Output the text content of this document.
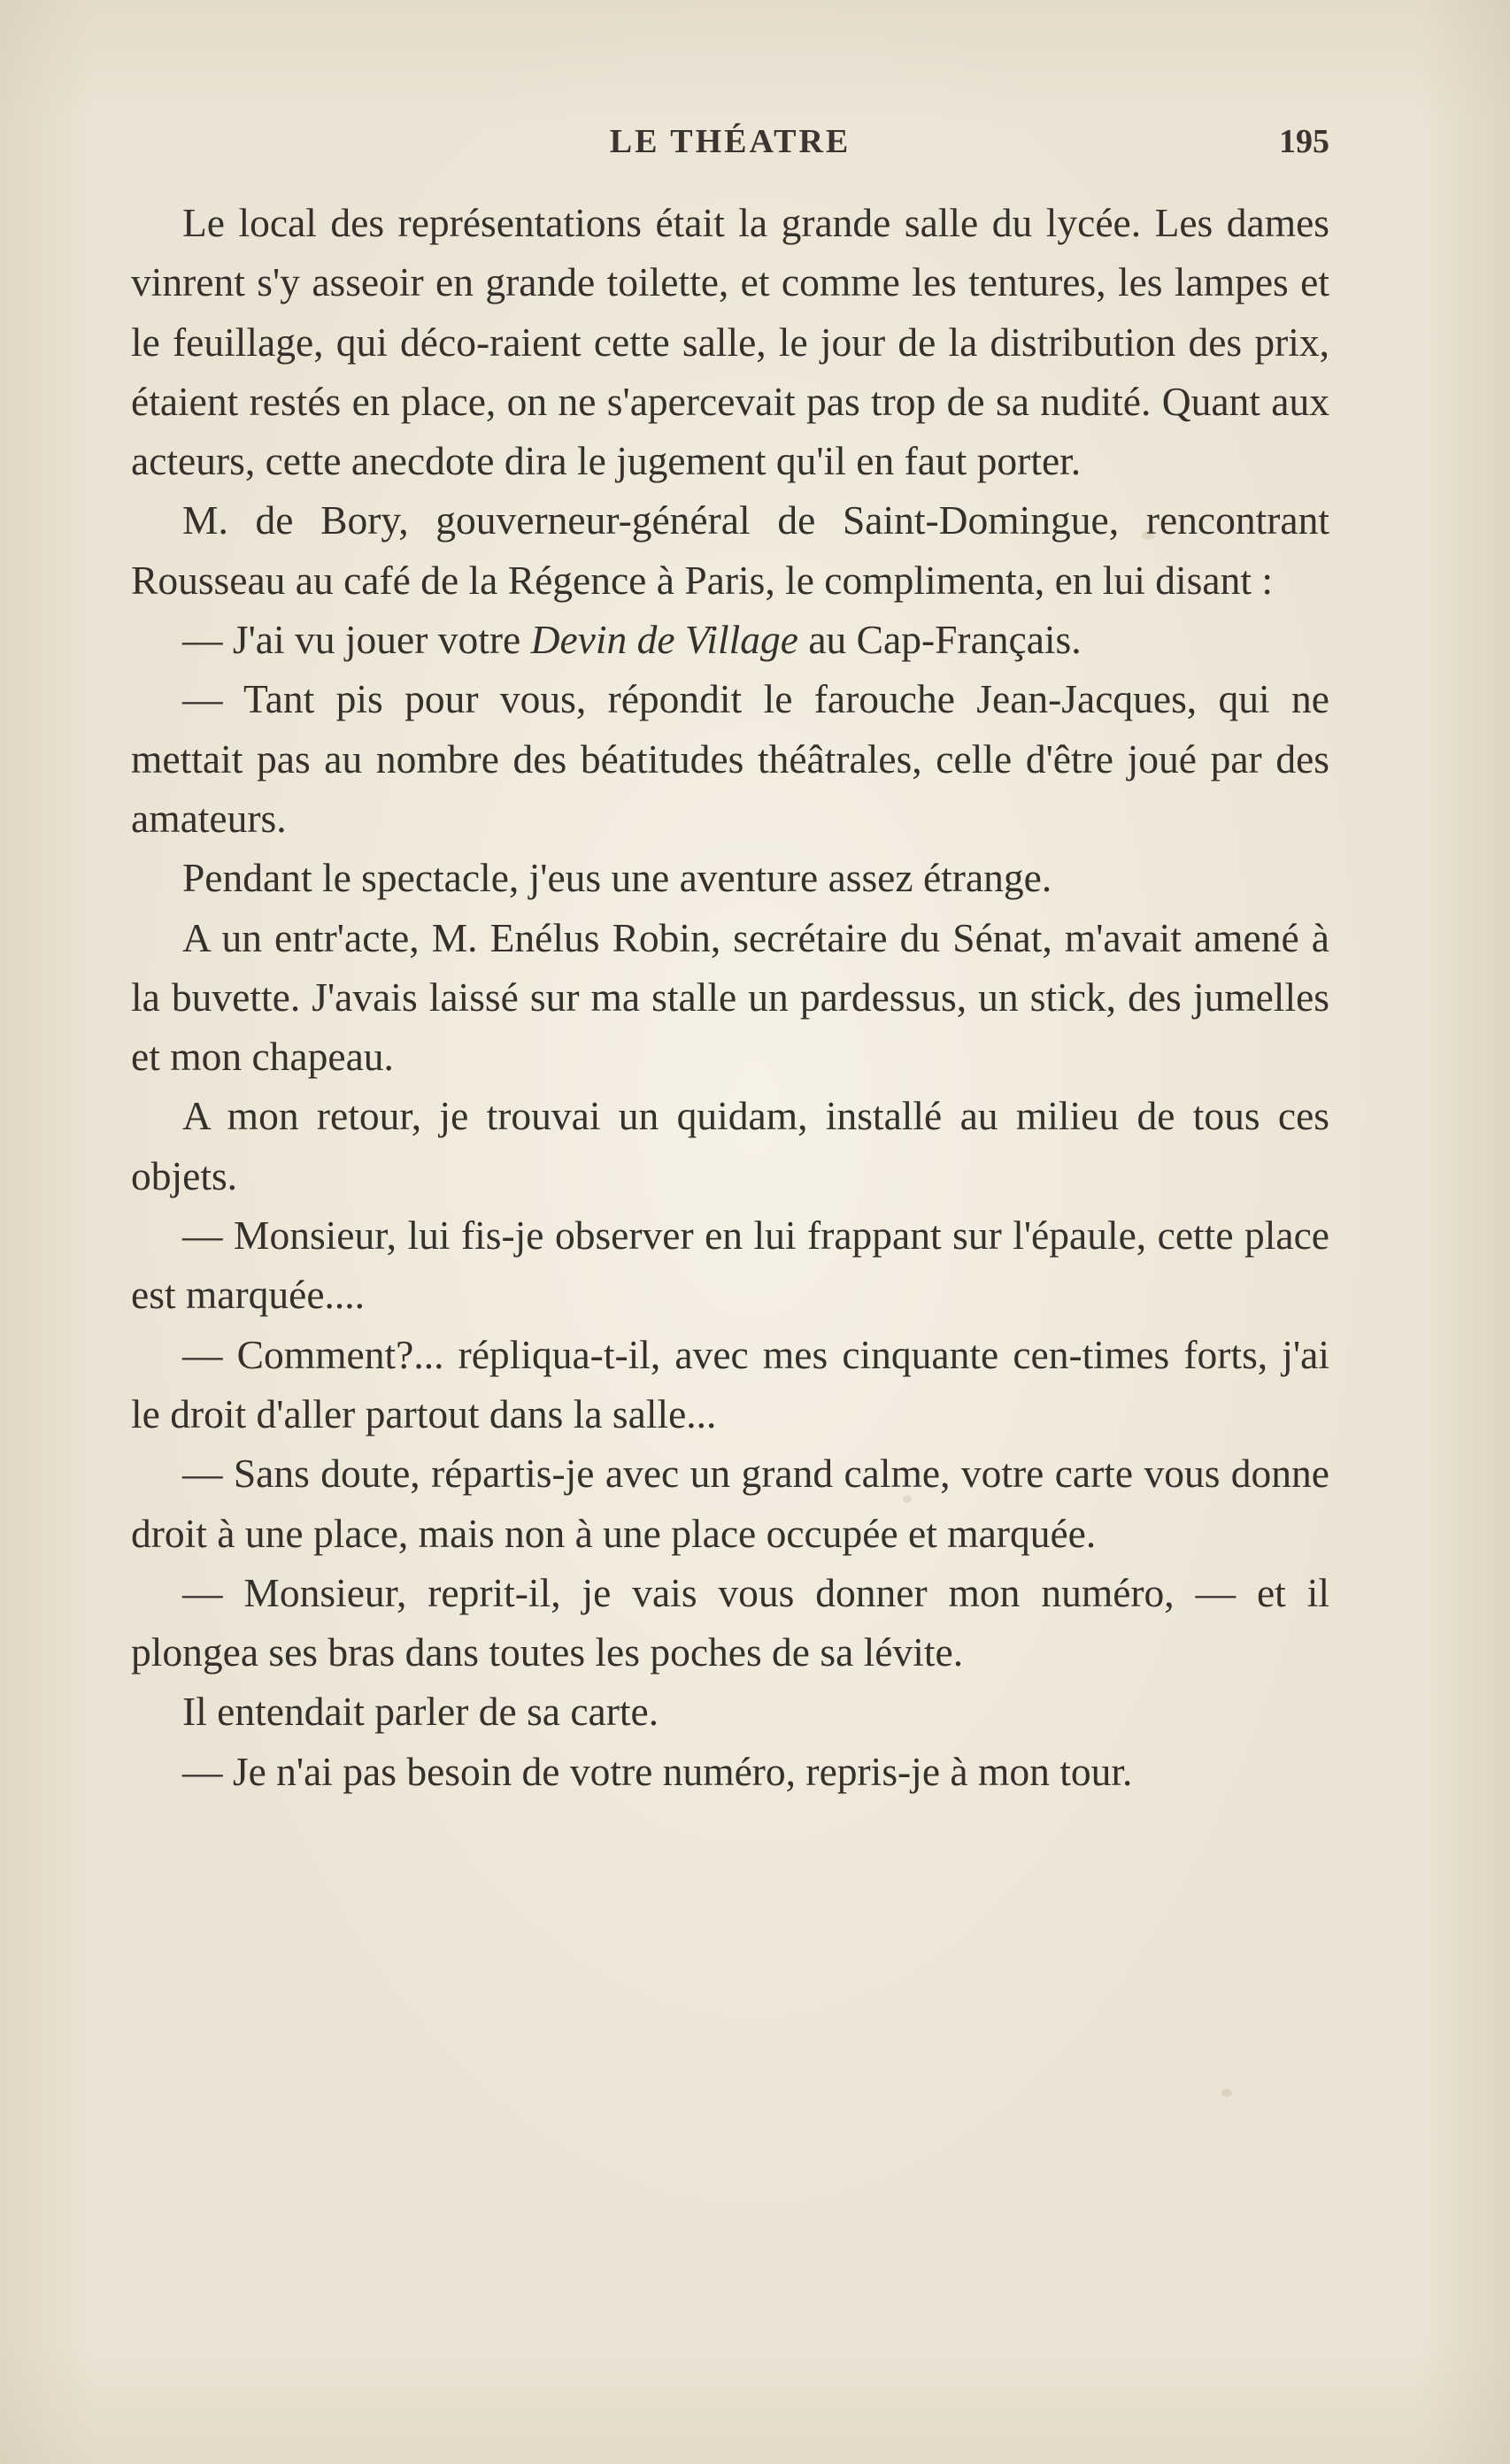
LE THÉATRE	195

Le local des représentations était la grande salle du lycée. Les dames vinrent s'y asseoir en grande toilette, et comme les tentures, les lampes et le feuillage, qui déco-raient cette salle, le jour de la distribution des prix, étaient restés en place, on ne s'apercevait pas trop de sa nudité. Quant aux acteurs, cette anecdote dira le jugement qu'il en faut porter.

M. de Bory, gouverneur-général de Saint-Domingue, rencontrant Rousseau au café de la Régence à Paris, le complimenta, en lui disant :

— J'ai vu jouer votre Devin de Village au Cap-Français.

— Tant pis pour vous, répondit le farouche Jean-Jacques, qui ne mettait pas au nombre des béatitudes théâtrales, celle d'être joué par des amateurs.

Pendant le spectacle, j'eus une aventure assez étrange.

A un entr'acte, M. Enélus Robin, secrétaire du Sénat, m'avait amené à la buvette. J'avais laissé sur ma stalle un pardessus, un stick, des jumelles et mon chapeau.

A mon retour, je trouvai un quidam, installé au milieu de tous ces objets.

— Monsieur, lui fis-je observer en lui frappant sur l'épaule, cette place est marquée....

— Comment?... répliqua-t-il, avec mes cinquante cen-times forts, j'ai le droit d'aller partout dans la salle...

— Sans doute, répartis-je avec un grand calme, votre carte vous donne droit à une place, mais non à une place occupée et marquée.

— Monsieur, reprit-il, je vais vous donner mon numéro, — et il plongea ses bras dans toutes les poches de sa lévite.

Il entendait parler de sa carte.

— Je n'ai pas besoin de votre numéro, repris-je à mon tour.
